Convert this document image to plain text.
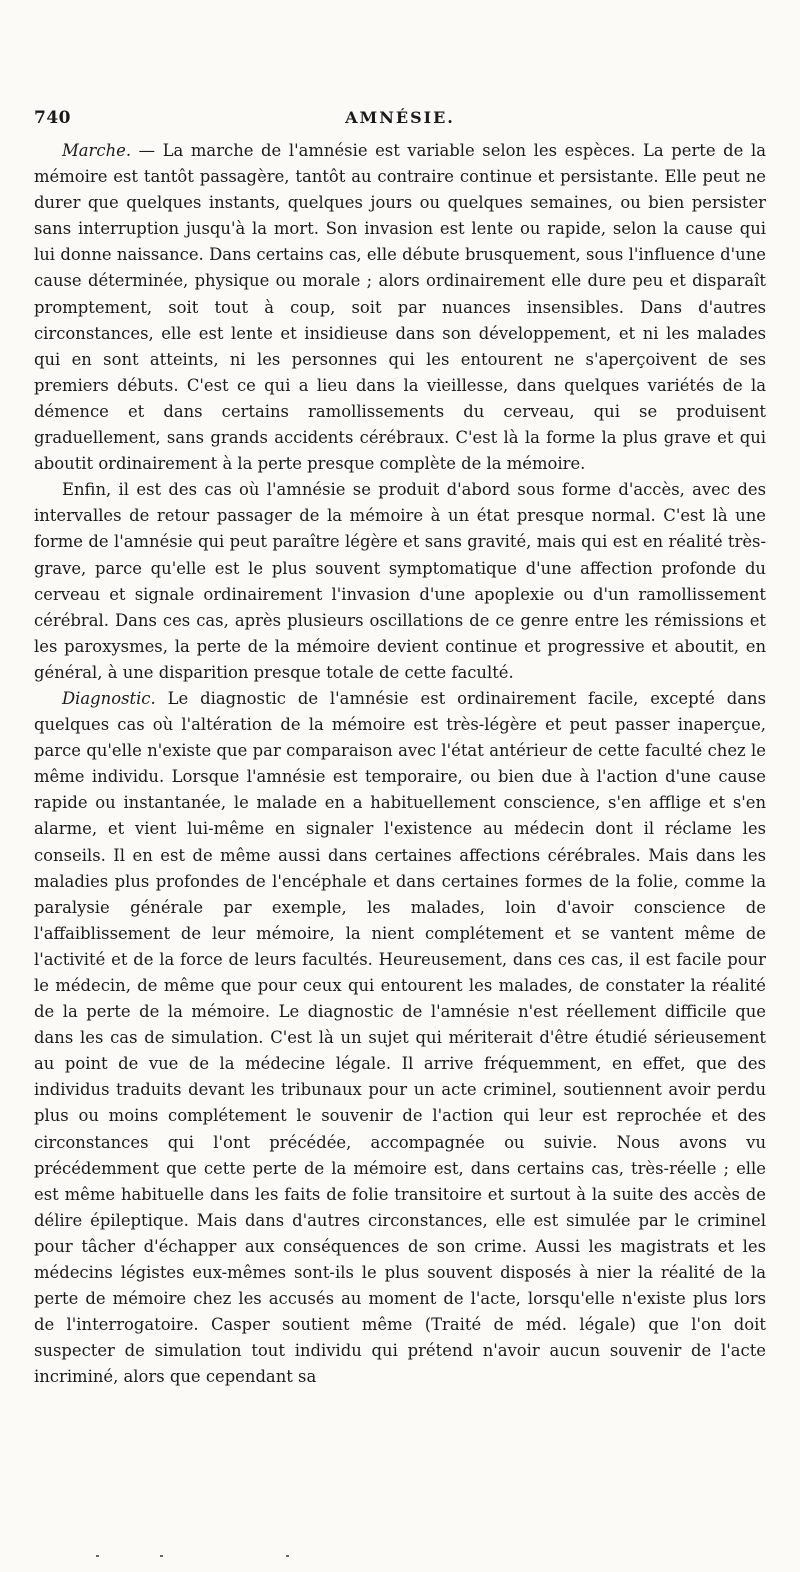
740	AMNÉSIE.

Marche. — La marche de l'amnésie est variable selon les espèces. La perte de la mémoire est tantôt passagère, tantôt au contraire continue et persistante. Elle peut ne durer que quelques instants, quelques jours ou quelques semaines, ou bien persister sans interruption jusqu'à la mort. Son invasion est lente ou rapide, selon la cause qui lui donne naissance. Dans certains cas, elle débute brusquement, sous l'influence d'une cause déterminée, physique ou morale ; alors ordinairement elle dure peu et disparaît promptement, soit tout à coup, soit par nuances insensibles. Dans d'autres circonstances, elle est lente et insidieuse dans son développement, et ni les malades qui en sont atteints, ni les personnes qui les entourent ne s'aperçoivent de ses premiers débuts. C'est ce qui a lieu dans la vieillesse, dans quelques variétés de la démence et dans certains ramollissements du cerveau, qui se produisent graduellement, sans grands accidents cérébraux. C'est là la forme la plus grave et qui aboutit ordinairement à la perte presque complète de la mémoire.

Enfin, il est des cas où l'amnésie se produit d'abord sous forme d'accès, avec des intervalles de retour passager de la mémoire à un état presque normal. C'est là une forme de l'amnésie qui peut paraître légère et sans gravité, mais qui est en réalité très-grave, parce qu'elle est le plus souvent symptomatique d'une affection profonde du cerveau et signale ordinairement l'invasion d'une apoplexie ou d'un ramollissement cérébral. Dans ces cas, après plusieurs oscillations de ce genre entre les rémissions et les paroxysmes, la perte de la mémoire devient continue et progressive et aboutit, en général, à une disparition presque totale de cette faculté.

Diagnostic. Le diagnostic de l'amnésie est ordinairement facile, excepté dans quelques cas où l'altération de la mémoire est très-légère et peut passer inaperçue, parce qu'elle n'existe que par comparaison avec l'état antérieur de cette faculté chez le même individu. Lorsque l'amnésie est temporaire, ou bien due à l'action d'une cause rapide ou instantanée, le malade en a habituellement conscience, s'en afflige et s'en alarme, et vient lui-même en signaler l'existence au médecin dont il réclame les conseils. Il en est de même aussi dans certaines affections cérébrales. Mais dans les maladies plus profondes de l'encéphale et dans certaines formes de la folie, comme la paralysie générale par exemple, les malades, loin d'avoir conscience de l'affaiblissement de leur mémoire, la nient complétement et se vantent même de l'activité et de la force de leurs facultés. Heureusement, dans ces cas, il est facile pour le médecin, de même que pour ceux qui entourent les malades, de constater la réalité de la perte de la mémoire. Le diagnostic de l'amnésie n'est réellement difficile que dans les cas de simulation. C'est là un sujet qui mériterait d'être étudié sérieusement au point de vue de la médecine légale. Il arrive fréquemment, en effet, que des individus traduits devant les tribunaux pour un acte criminel, soutiennent avoir perdu plus ou moins complétement le souvenir de l'action qui leur est reprochée et des circonstances qui l'ont précédée, accompagnée ou suivie. Nous avons vu précédemment que cette perte de la mémoire est, dans certains cas, très-réelle ; elle est même habituelle dans les faits de folie transitoire et surtout à la suite des accès de délire épileptique. Mais dans d'autres circonstances, elle est simulée par le criminel pour tâcher d'échapper aux conséquences de son crime. Aussi les magistrats et les médecins légistes eux-mêmes sont-ils le plus souvent disposés à nier la réalité de la perte de mémoire chez les accusés au moment de l'acte, lorsqu'elle n'existe plus lors de l'interrogatoire. Casper soutient même (Traité de méd. légale) que l'on doit suspecter de simulation tout individu qui prétend n'avoir aucun souvenir de l'acte incriminé, alors que cependant sa
